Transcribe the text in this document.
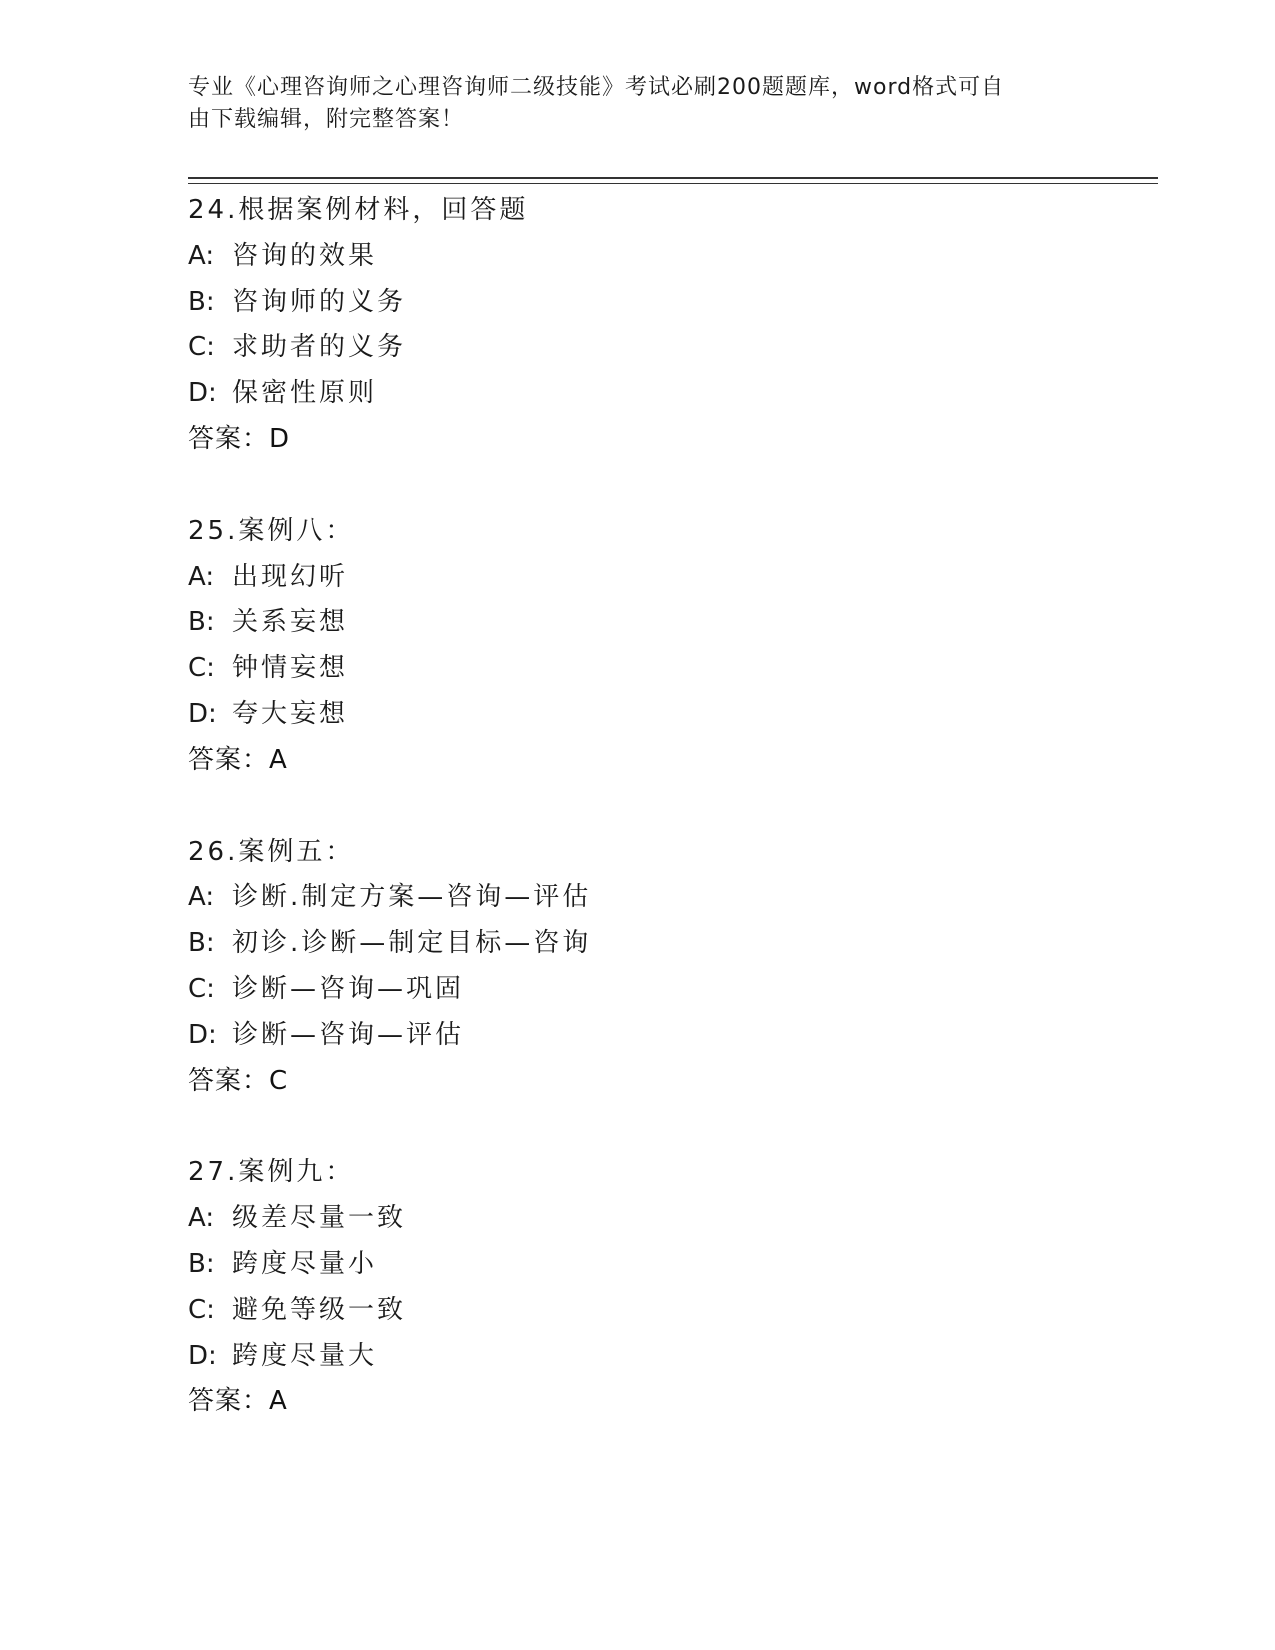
专业《心理咨询师之心理咨询师二级技能》考试必刷200题题库，word格式可自
由下载编辑，附完整答案！
24.根据案例材料，回答题
A: 咨询的效果
B: 咨询师的义务
C: 求助者的义务
D: 保密性原则
答案：D
25.案例八：
A: 出现幻听
B: 关系妄想
C: 钟情妄想
D: 夸大妄想
答案：A
26.案例五：
A: 诊断.制定方案—咨询—评估
B: 初诊.诊断—制定目标—咨询
C: 诊断—咨询—巩固
D: 诊断—咨询—评估
答案：C
27.案例九：
A: 级差尽量一致
B: 跨度尽量小
C: 避免等级一致
D: 跨度尽量大
答案：A
